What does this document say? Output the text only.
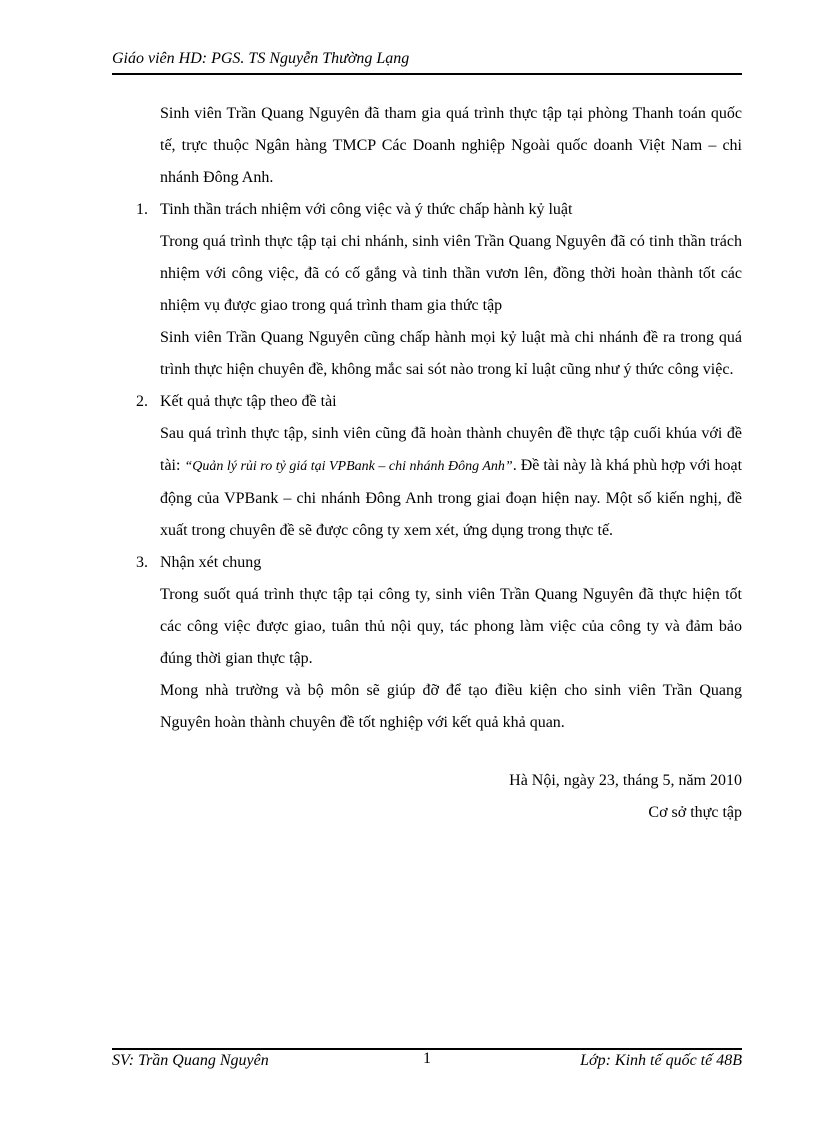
Giáo viên HD: PGS. TS Nguyễn Thường Lạng

Sinh viên Trần Quang Nguyên đã tham gia quá trình thực tập tại phòng Thanh toán quốc tế, trực thuộc Ngân hàng TMCP Các Doanh nghiệp Ngoài quốc doanh Việt Nam – chi nhánh Đông Anh.

1. Tinh thần trách nhiệm với công việc và ý thức chấp hành kỷ luật

Trong quá trình thực tập tại chi nhánh, sinh viên Trần Quang Nguyên đã có tinh thần trách nhiệm với công việc, đã có cố gắng và tinh thần vươn lên, đồng thời hoàn thành tốt các nhiệm vụ được giao trong quá trình tham gia thức tập

Sinh viên Trần Quang Nguyên cũng chấp hành mọi kỷ luật mà chi nhánh đề ra trong quá trình thực hiện chuyên đề, không mắc sai sót nào trong kỉ luật cũng như ý thức công việc.

2. Kết quả thực tập theo đề tài

Sau quá trình thực tập, sinh viên cũng đã hoàn thành chuyên đề thực tập cuối khúa với đề tài: “Quản lý rủi ro tỷ giá tại VPBank – chi nhánh Đông Anh”. Đề tài này là khá phù hợp với hoạt động của VPBank – chi nhánh Đông Anh trong giai đoạn hiện nay. Một số kiến nghị, đề xuất trong chuyên đề sẽ được công ty xem xét, ứng dụng trong thực tế.

3. Nhận xét chung

Trong suốt quá trình thực tập tại công ty, sinh viên Trần Quang Nguyên đã thực hiện tốt các công việc được giao, tuân thủ nội quy, tác phong làm việc của công ty và đảm bảo đúng thời gian thực tập.

Mong nhà trường và bộ môn sẽ giúp đỡ để tạo điều kiện cho sinh viên Trần Quang Nguyên hoàn thành chuyên đề tốt nghiệp với kết quả khả quan.

Hà Nội, ngày 23, tháng 5, năm 2010
Cơ sở thực tập
SV: Trần Quang Nguyên	1	Lớp: Kinh tế quốc tế 48B
